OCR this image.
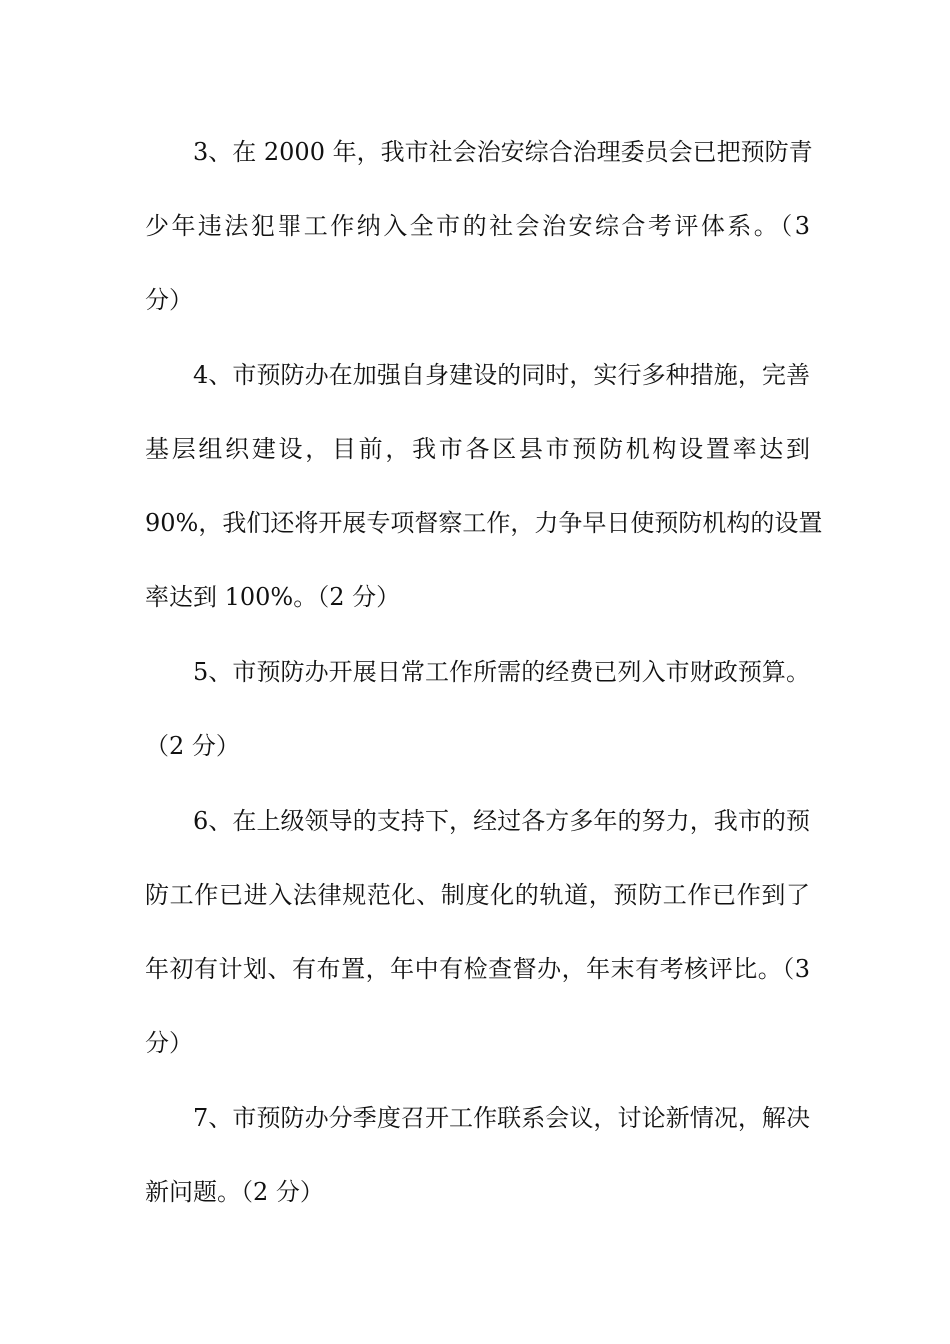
3、在 2000 年，我市社会治安综合治理委员会已把预防青
少年违法犯罪工作纳入全市的社会治安综合考评体系。（3
分）
4、市预防办在加强自身建设的同时，实行多种措施，完善
基层组织建设，目前，我市各区县市预防机构设置率达到
90%，我们还将开展专项督察工作，力争早日使预防机构的设置
率达到 100%。（2 分）
5、市预防办开展日常工作所需的经费已列入市财政预算。
（2 分）
6、在上级领导的支持下，经过各方多年的努力，我市的预
防工作已进入法律规范化、制度化的轨道，预防工作已作到了
年初有计划、有布置，年中有检查督办，年末有考核评比。（3
分）
7、市预防办分季度召开工作联系会议，讨论新情况，解决
新问题。（2 分）
